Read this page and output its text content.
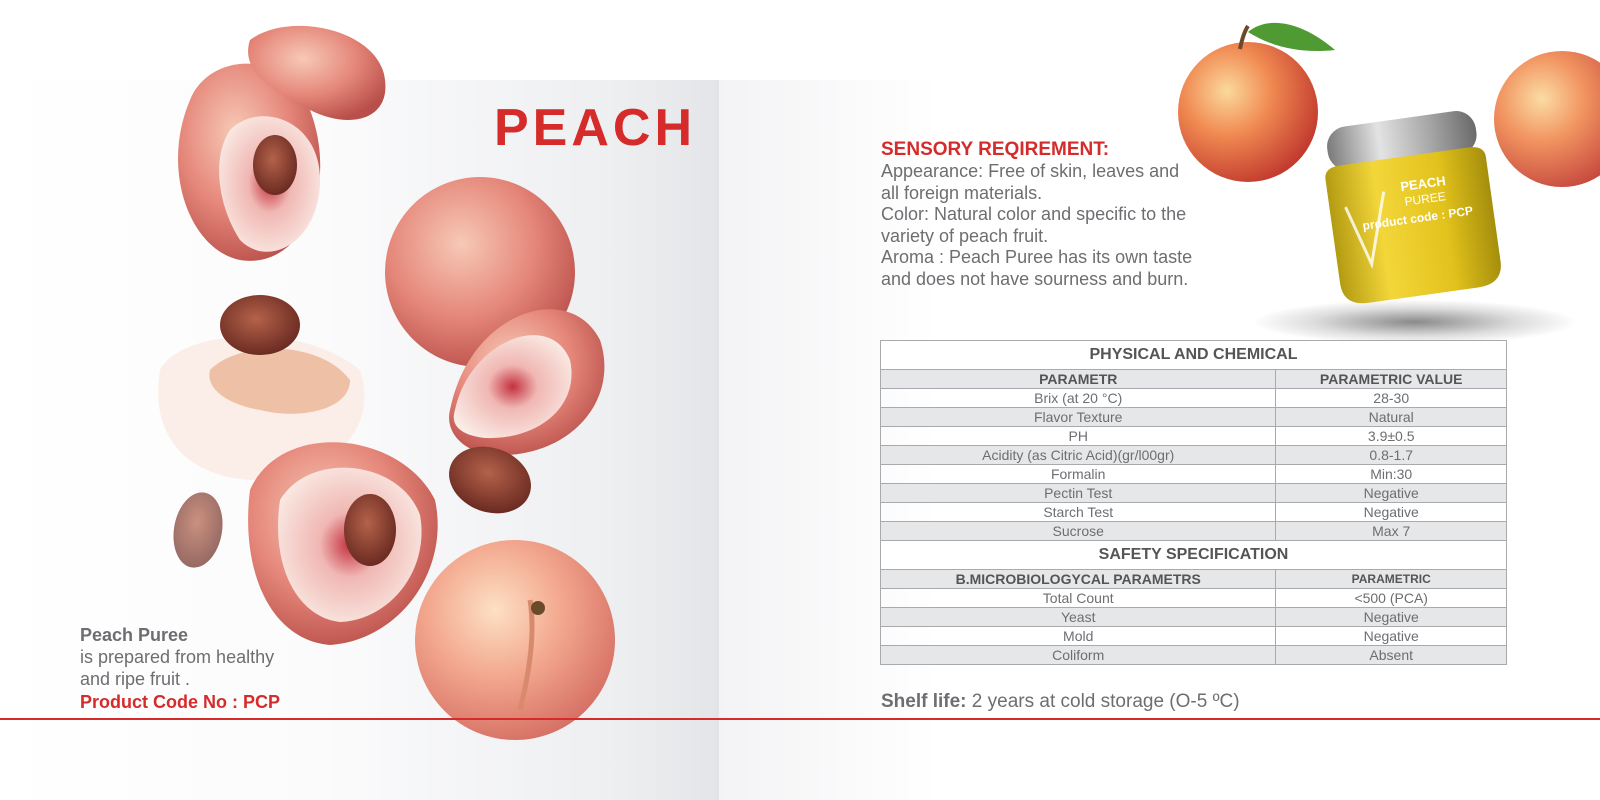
PEACH
Peach Puree
is prepared from healthy
and ripe fruit .
Product Code No : PCP
SENSORY REQIREMENT:

Appearance: Free of skin, leaves and

all foreign materials.

Color: Natural color and specific to the

variety of peach fruit.

Aroma : Peach Puree has its own taste

and does not have sourness and burn.

PEACH
PUREE
product code : PCP
PHYSICAL AND CHEMICAL	
PARAMETR	PARAMETRIC VALUE
Brix (at 20 °C)	28-30
Flavor Texture	Natural
PH	3.9±0.5
Acidity (as Citric Acid)(gr/l00gr)	0.8-1.7
Formalin	Min:30
Pectin Test	Negative
Starch Test	Negative
Sucrose	Max 7
SAFETY SPECIFICATION	
B.MICROBIOLOGYCAL PARAMETRS	PARAMETRIC
Total Count	<500 (PCA)
Yeast	Negative
Mold	Negative
Coliform	Absent
Shelf life: 2 years at cold storage (O-5 ºC)
